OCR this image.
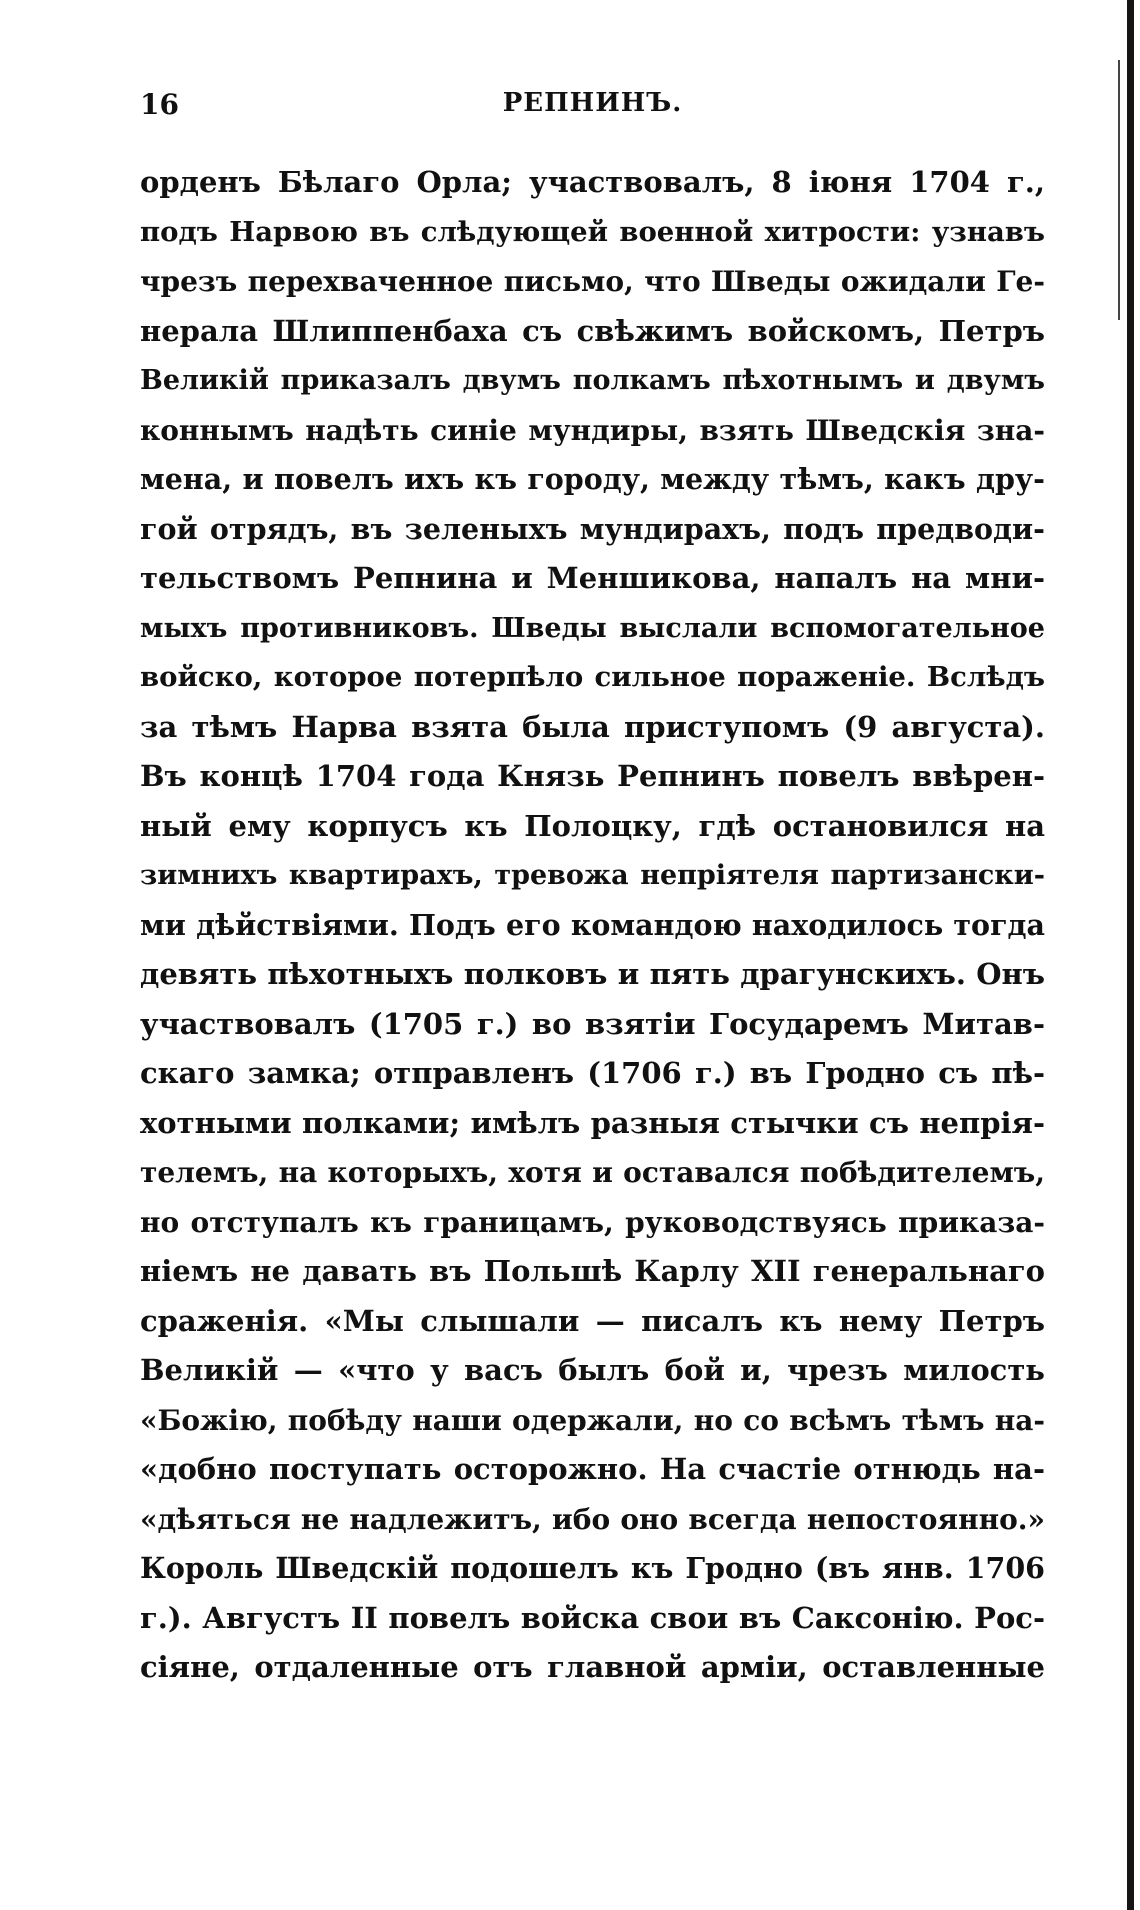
16	РЕПНИНЪ.
орденъ Бѣлаго Орла; участвовалъ, 8 іюня 1704 г.,
подъ Нарвою въ слѣдующей военной хитрости: узнавъ
чрезъ перехваченное письмо, что Шведы ожидали Ге-
нерала Шлиппенбаха съ свѣжимъ войскомъ, Петръ
Великій приказалъ двумъ полкамъ пѣхотнымъ и двумъ
коннымъ надѣть синіе мундиры, взять Шведскія зна-
мена, и повелъ ихъ къ городу, между тѣмъ, какъ дру-
гой отрядъ, въ зеленыхъ мундирахъ, подъ предводи-
тельствомъ Репнина и Меншикова, напалъ на мни-
мыхъ противниковъ. Шведы выслали вспомогательное
войско, которое потерпѣло сильное пораженіе. Вслѣдъ
за тѣмъ Нарва взята была приступомъ (9 августа).
Въ концѣ 1704 года Князь Репнинъ повелъ ввѣрен-
ный ему корпусъ къ Полоцку, гдѣ остановился на
зимнихъ квартирахъ, тревожа непріятеля партизански-
ми дѣйствіями. Подъ его командою находилось тогда
девять пѣхотныхъ полковъ и пять драгунскихъ. Онъ
участвовалъ (1705 г.) во взятіи Государемъ Митав-
скаго замка; отправленъ (1706 г.) въ Гродно съ пѣ-
хотными полками; имѣлъ разныя стычки съ непрія-
телемъ, на которыхъ, хотя и оставался побѣдителемъ,
но отступалъ къ границамъ, руководствуясь приказа-
ніемъ не давать въ Польшѣ Карлу XII генеральнаго
сраженія. «Мы слышали — писалъ къ нему Петръ
Великій — «что у васъ былъ бой и, чрезъ милость
«Божію, побѣду наши одержали, но со всѣмъ тѣмъ на-
«добно поступать осторожно. На счастіе отнюдь на-
«дѣяться не надлежитъ, ибо оно всегда непостоянно.»
Король Шведскій подошелъ къ Гродно (въ янв. 1706
г.). Августъ II повелъ войска свои въ Саксонію. Рос-
сіяне, отдаленные отъ главной арміи, оставленные
